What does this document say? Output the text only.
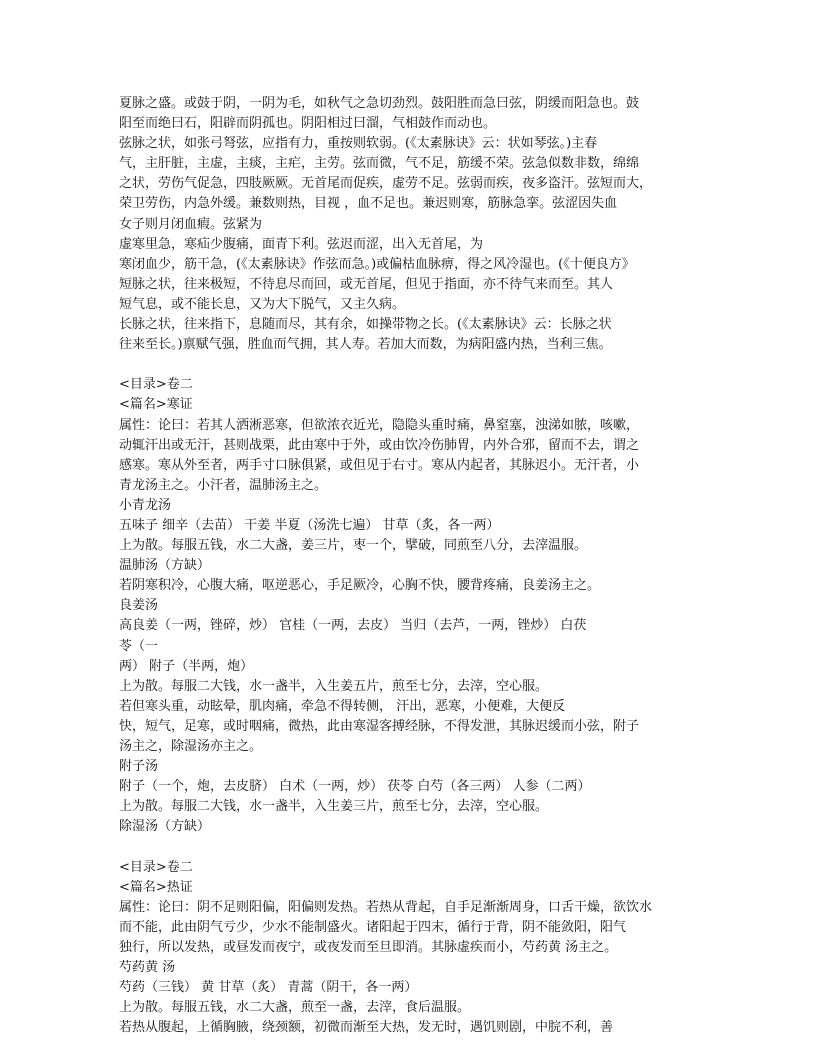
夏脉之盛。或鼓于阴，一阴为毛，如秋气之急切劲烈。鼓阳胜而急曰弦，阴缓而阳急也。鼓
阳至而绝曰石，阳辟而阴孤也。阴阳相过曰溜，气相鼓作而动也。
弦脉之状，如张弓弩弦，应指有力，重按则软弱。(《太素脉诀》云：状如琴弦。)主春
气，主肝脏，主虚，主痰，主疟，主劳。弦而微，气不足，筋缓不荣。弦急似数非数，绵绵
之状，劳伤气促急，四肢厥厥。无首尾而促疾，虚劳不足。弦弱而疾，夜多盗汗。弦短而大，
荣卫劳伤，内急外缓。兼数则热，目视 ，血不足也。兼迟则寒，筋脉急挛。弦涩因失血
女子则月闭血瘕。弦紧为
虚寒里急，寒疝少腹痛，面青下利。弦迟而涩，出入无首尾，为
寒闭血少，筋干急，(《太素脉诀》作弦而急。)或偏枯血脉痹，得之风冷湿也。(《十便良方》
短脉之状，往来极短，不待息尽而回，或无首尾，但见于指面，亦不待气来而至。其人
短气息，或不能长息，又为大下脱气，又主久病。
长脉之状，往来指下，息随而尽，其有余，如操带物之长。(《太素脉诀》云：长脉之状
往来至长。)禀赋气强，胜血而气拥，其人寿。若加大而数，为病阳盛内热，当利三焦。
<目录>卷二
<篇名>寒证
属性：论曰：若其人洒淅恶寒，但欲浓衣近光，隐隐头重时痛，鼻窒塞，浊涕如脓，咳嗽，
动辄汗出或无汗，甚则战栗，此由寒中于外，或由饮冷伤肺胃，内外合邪，留而不去，谓之
感寒。寒从外至者，两手寸口脉俱紧，或但见于右寸。寒从内起者，其脉迟小。无汗者，小
青龙汤主之。小汗者，温肺汤主之。
小青龙汤
五味子 细辛（去苗） 干姜 半夏（汤洗七遍） 甘草（炙，各一两）
上为散。每服五钱，水二大盏，姜三片，枣一个，擘破，同煎至八分，去滓温服。
温肺汤（方缺）
若阴寒积冷，心腹大痛，呕逆恶心，手足厥冷，心胸不快，腰背疼痛，良姜汤主之。
良姜汤
高良姜（一两，锉碎，炒） 官桂（一两，去皮） 当归（去芦，一两，锉炒） 白茯
苓（一
两） 附子（半两，炮）
上为散。每服二大钱，水一盏半，入生姜五片，煎至七分，去滓，空心服。
若但寒头重，动眩晕，肌肉痛，牵急不得转侧， 汗出，恶寒，小便难，大便反
快，短气，足寒，或时咽痛，微热，此由寒湿客搏经脉，不得发泄，其脉迟缓而小弦，附子
汤主之，除湿汤亦主之。
附子汤
附子（一个，炮，去皮脐） 白术（一两，炒） 茯苓 白芍（各三两） 人参（二两）
上为散。每服二大钱，水一盏半，入生姜三片，煎至七分，去滓，空心服。
除湿汤（方缺）
<目录>卷二
<篇名>热证
属性：论曰：阴不足则阳偏，阳偏则发热。若热从背起，自手足渐渐周身，口舌干燥，欲饮水
而不能，此由阴气亏少，少水不能制盛火。诸阳起于四末，循行于背，阴不能敛阳，阳气
独行，所以发热，或昼发而夜宁，或夜发而至旦即消。其脉虚疾而小，芍药黄 汤主之。
芍药黄 汤
芍药（三钱） 黄 甘草（炙） 青蒿（阴干，各一两）
上为散。每服五钱，水二大盏，煎至一盏，去滓，食后温服。
若热从腹起，上循胸腋，绕颈额，初微而渐至大热，发无时，遇饥则剧，中脘不利，善
